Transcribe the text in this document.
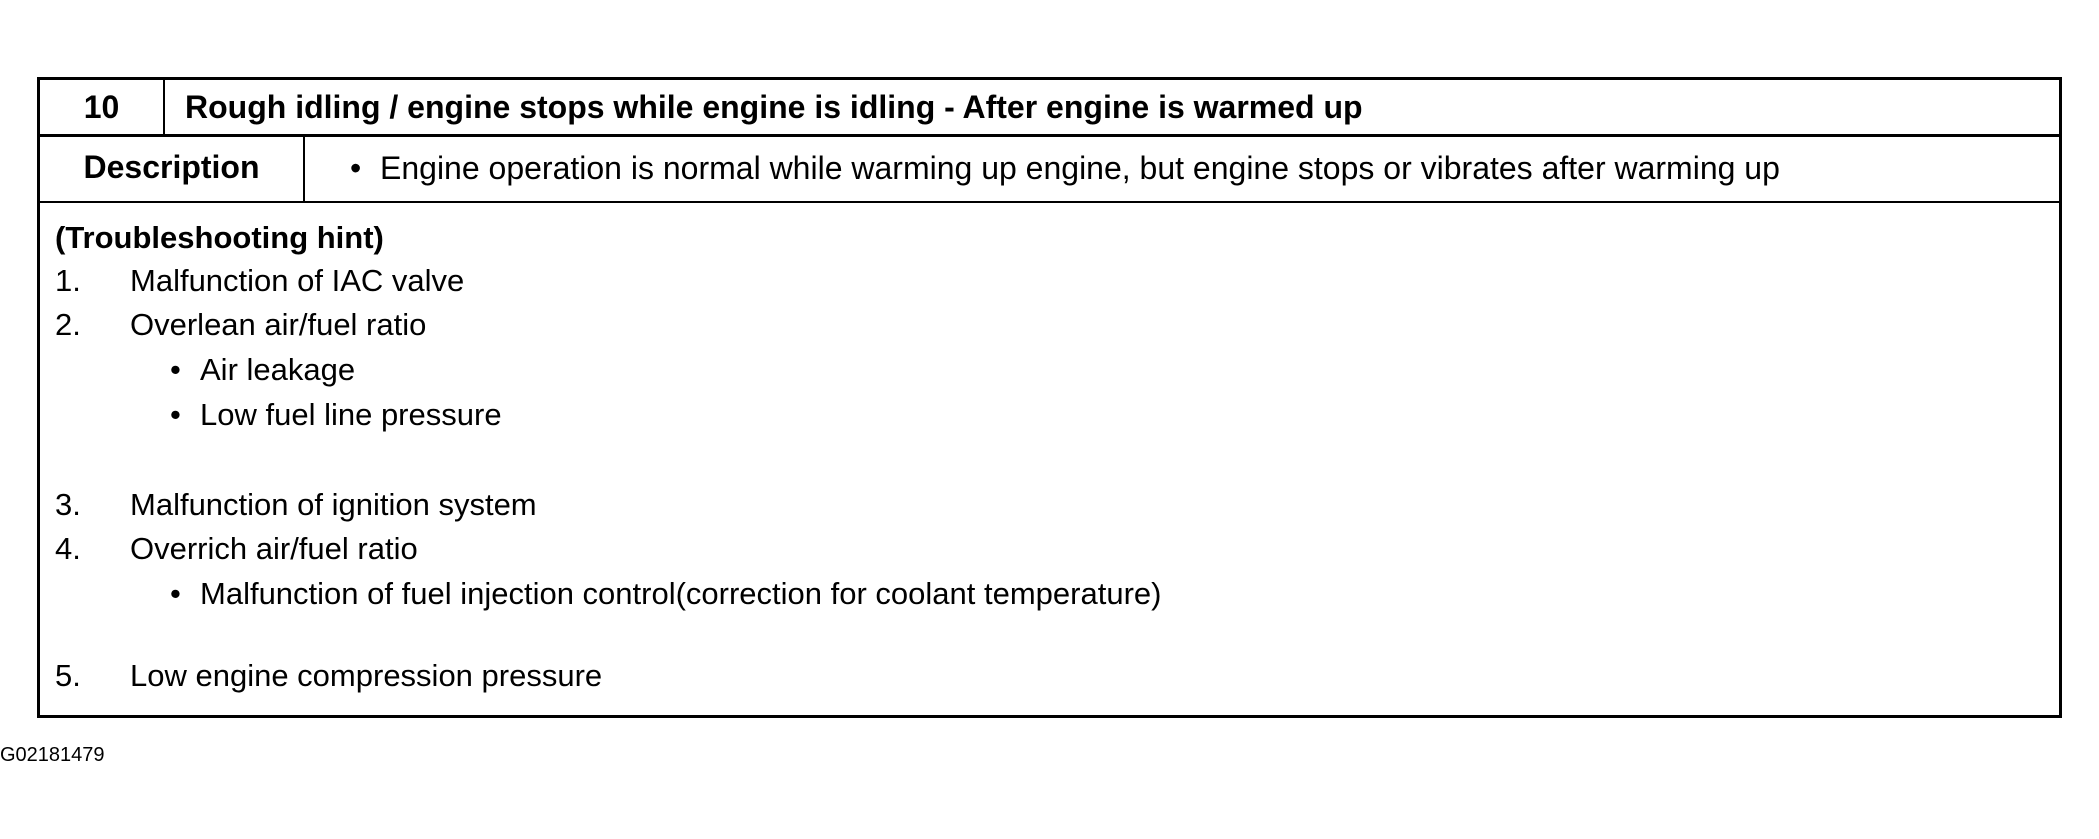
10	Rough idling / engine stops while engine is idling - After engine is warmed up
Description	• Engine operation is normal while warming up engine, but engine stops or vibrates after warming up
(Troubleshooting hint)
1. Malfunction of IAC valve
2. Overlean air/fuel ratio
• Air leakage
• Low fuel line pressure
3. Malfunction of ignition system
4. Overrich air/fuel ratio
• Malfunction of fuel injection control(correction for coolant temperature)
5. Low engine compression pressure
G02181479
